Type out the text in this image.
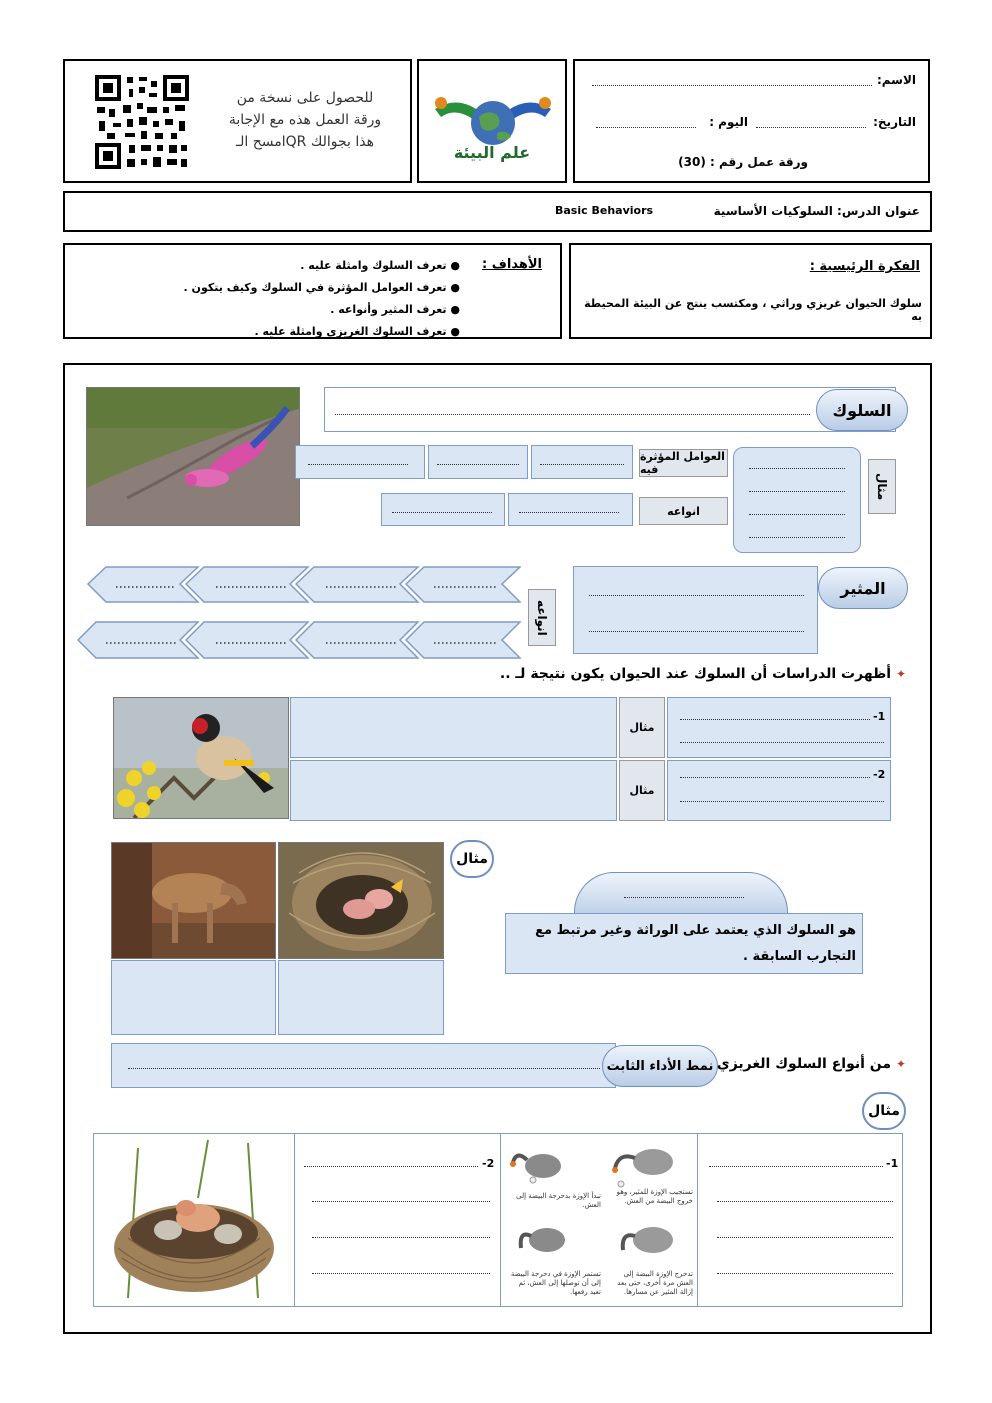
للحصول على نسخة من
ورقة العمل هذه مع الإجابة
امسح الـQR هذا بجوالك
علم البيئة
الاسم:
التاريخ:
اليوم :
ورقة عمل رقم : (30)
عنوان الدرس: السلوكيات الأساسية
Basic Behaviors
الأهداف :
● تعرف السلوك وامثلة عليه .
● تعرف العوامل المؤثرة في السلوك وكيف يتكون .
● تعرف المثير وأنواعه .
● تعرف السلوك الغريزي وامثلة عليه .
الفكرة الرئيسية :
سلوك الحيوان غريزي وراثي ، ومكتسب ينتج عن البيئة المحيطة به
السلوك
العوامل المؤثرة فيه
انواعه
مثال
انواعه
المثير
✦ أظهرت الدراسات أن السلوك عند الحيوان يكون نتيجة لـ ..
مثال
مثال
-1
-2
مثال
هو السلوك الذي يعتمد على الوراثة وغير مرتبط مع التجارب السابقة .
نمط الأداء الثابت	✦ من أنواع السلوك الغريزي
مثال
-2
تستجيب الإوزة للمثير، وهو خروج البيضة من العش.
تبدأ الإوزة بدحرجة البيضة إلى العش.
تدحرج الإوزة البيضة إلى العش مرة أخرى، حتى بعد إزالة المثير عن مسارها.
تستمر الإوزة في دحرجة البيضة إلى أن توصلها إلى العش، ثم تعيد رفعها.
-1
